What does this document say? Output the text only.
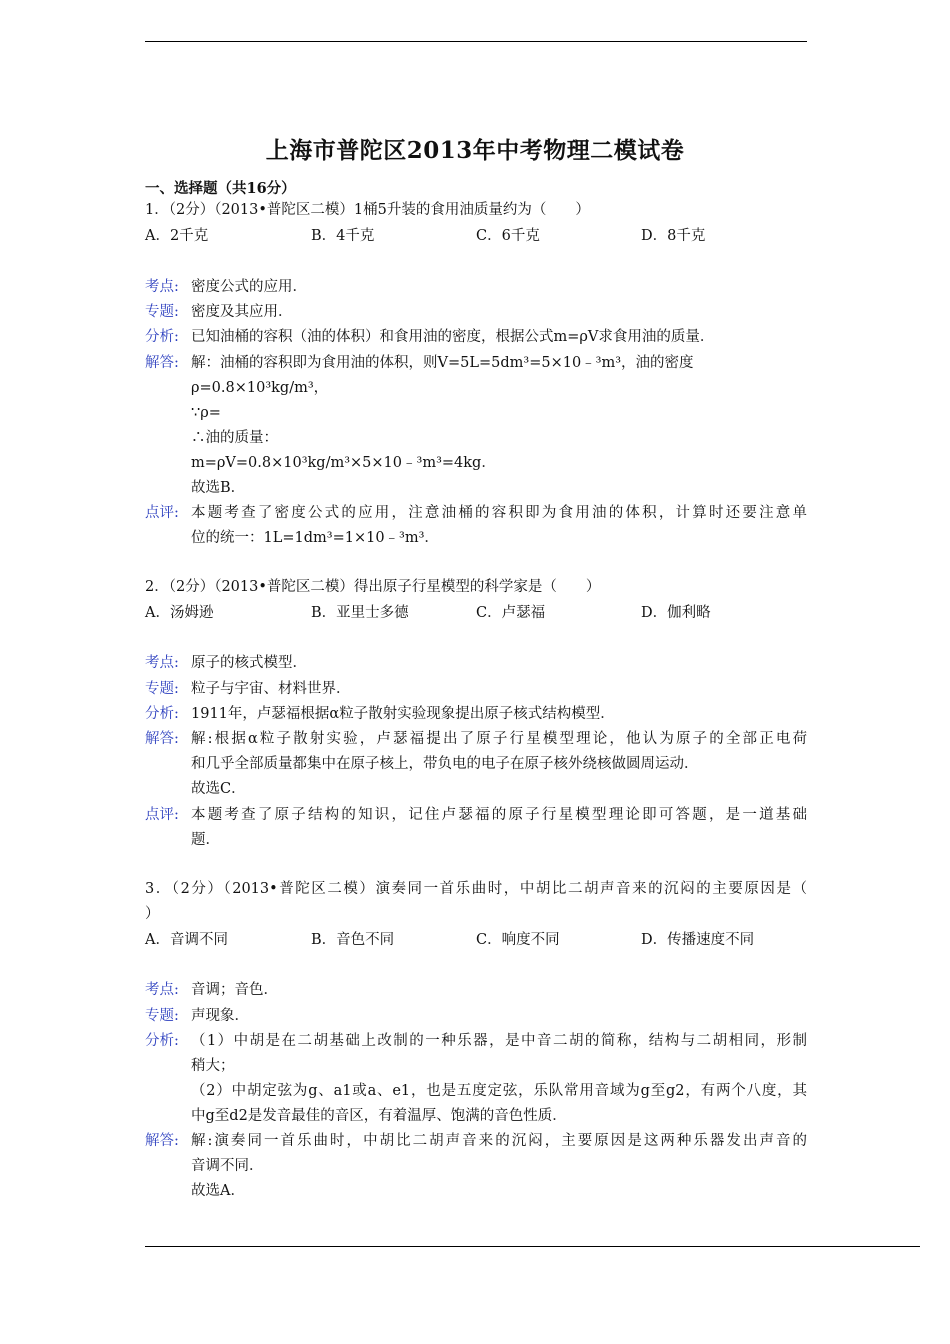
上海市普陀区2013年中考物理二模试卷
一、选择题（共16分）
1．（2分）（2013•普陀区二模）1桶5升装的食用油质量约为（　　）
A．2千克	B．4千克	C．6千克	D．8千克
考点: 密度公式的应用．
专题: 密度及其应用．
分析: 已知油桶的容积（油的体积）和食用油的密度，根据公式m=ρV求食用油的质量．
解答: 解：油桶的容积即为食用油的体积，则V=5L=5dm³=5×10﹣³m³，油的密度
ρ=0.8×10³kg/m³，
∵ρ=
∴油的质量：
m=ρV=0.8×10³kg/m³×5×10﹣³m³=4kg．
故选B．
点评: 本题考查了密度公式的应用，注意油桶的容积即为食用油的体积，计算时还要注意单
位的统一：1L=1dm³=1×10﹣³m³．
2．（2分）（2013•普陀区二模）得出原子行星模型的科学家是（　　）
A．汤姆逊	B．亚里士多德	C．卢瑟福	D．伽利略
考点: 原子的核式模型．
专题: 粒子与宇宙、材料世界．
分析: 1911年，卢瑟福根据α粒子散射实验现象提出原子核式结构模型．
解答: 解:根据α粒子散射实验，卢瑟福提出了原子行星模型理论，他认为原子的全部正电荷
和几乎全部质量都集中在原子核上，带负电的电子在原子核外绕核做圆周运动．
故选C．
点评: 本题考查了原子结构的知识，记住卢瑟福的原子行星模型理论即可答题，是一道基础
题．
3．（2分）（2013•普陀区二模）演奏同一首乐曲时，中胡比二胡声音来的沉闷的主要原因是（
）
A．音调不同	B．音色不同	C．响度不同	D．传播速度不同
考点: 音调；音色．
专题: 声现象．
分析: （1）中胡是在二胡基础上改制的一种乐器，是中音二胡的简称，结构与二胡相同，形制
稍大；
（2）中胡定弦为g、a1或a、e1，也是五度定弦，乐队常用音域为g至g2，有两个八度，其
中g至d2是发音最佳的音区，有着温厚、饱满的音色性质．
解答: 解:演奏同一首乐曲时，中胡比二胡声音来的沉闷，主要原因是这两种乐器发出声音的
音调不同．
故选A．
